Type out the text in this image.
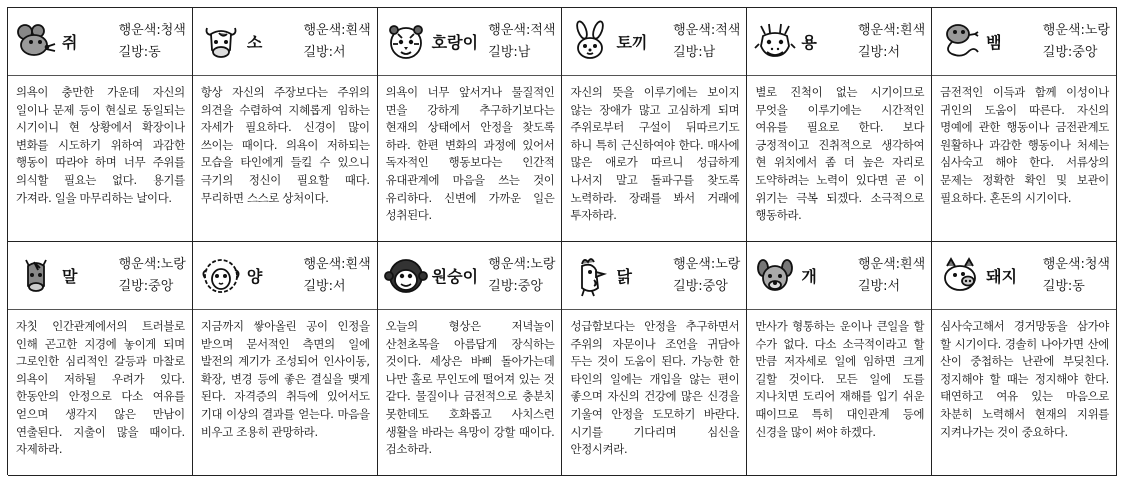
쥐
행운색:청색
길방:동
의욕이 충만한 가운데 자신의 일이나 문제 등이 현실로 동일되는 시기이니 현 상황에서 확장이나 변화를 시도하기 위하여 과감한 행동이 따라야 하며 너무 주위를 의식할 필요는 없다. 용기를 가져라. 일을 마무리하는 날이다.
소
행운색:흰색
길방:서
항상 자신의 주장보다는 주위의 의견을 수렴하여 지혜롭게 임하는 자세가 필요하다. 신경이 많이 쓰이는 때이다. 의욕이 저하되는 모습을 타인에게 들킬 수 있으니 극기의 정신이 필요할 때다. 무리하면 스스로 상처이다.
호랑이
행운색:적색
길방:남
의욕이 너무 앞서거나 물질적인 면을 강하게 추구하기보다는 현재의 상태에서 안정을 찾도록 하라. 한편 변화의 과정에 있어서 독자적인 행동보다는 인간적 유대관계에 마음을 쓰는 것이 유리하다. 신변에 가까운 일은 성취된다.
토끼
행운색:적색
길방:남
자신의 뜻을 이루기에는 보이지 않는 장애가 많고 고심하게 되며 주위로부터 구설이 뒤따르기도 하니 특히 근신하여야 한다. 매사에 많은 애로가 따르니 성급하게 나서지 말고 돌파구를 찾도록 노력하라. 장래를 봐서 거래에 투자하라.
용
행운색:흰색
길방:서
별로 진척이 없는 시기이므로 무엇을 이루기에는 시간적인 여유를 필요로 한다. 보다 긍정적이고 진취적으로 생각하여 현 위치에서 좀 더 높은 자리로 도약하려는 노력이 있다면 곧 이 위기는 극복 되겠다. 소극적으로 행동하라.
뱀
행운색:노랑
길방:중앙
금전적인 이득과 함께 이성이나 귀인의 도움이 따른다. 자신의 명예에 관한 행동이나 금전관계도 원활하나 과감한 행동이나 처세는 심사숙고 해야 한다. 서류상의 문제는 정확한 확인 및 보관이 필요하다. 혼돈의 시기이다.
말
행운색:노랑
길방:중앙
자칫 인간관계에서의 트러블로 인해 곤고한 지경에 놓이게 되며 그로인한 심리적인 갈등과 마찰로 의욕이 저하될 우려가 있다. 한동안의 안정으로 다소 여유를 얻으며 생각지 않은 만남이 연출된다. 지출이 많을 때이다. 자제하라.
양
행운색:흰색
길방:서
지금까지 쌓아올린 공이 인정을 받으며 문서적인 측면의 일에 발전의 계기가 조성되어 인사이동, 확장, 변경 등에 좋은 결실을 맺게 된다. 자격증의 취득에 있어서도 기대 이상의 결과를 얻는다. 마음을 비우고 조용히 관망하라.
원숭이
행운색:노랑
길방:중앙
오늘의 형상은 저녁놀이 산천초목을 아름답게 장식하는 것이다. 세상은 바삐 돌아가는데 나만 홀로 무인도에 떨어져 있는 것 같다. 물질이나 금전적으로 충분치 못한데도 호화롭고 사치스런 생활을 바라는 욕망이 강할 때이다. 검소하라.
닭
행운색:노랑
길방:중앙
성급함보다는 안정을 추구하면서 주위의 자문이나 조언을 귀담아 두는 것이 도움이 된다. 가능한 한 타인의 일에는 개입을 않는 편이 좋으며 자신의 건강에 많은 신경을 기울여 안정을 도모하기 바란다. 시기를 기다리며 심신을 안정시켜라.
개
행운색:흰색
길방:서
만사가 형통하는 운이나 큰일을 할 수가 없다. 다소 소극적이라고 할 만큼 저자세로 일에 임하면 크게 길할 것이다. 모든 일에 도를 지나치면 도리어 재해를 입기 쉬운 때이므로 특히 대인관계 등에 신경을 많이 써야 하겠다.
돼지
행운색:청색
길방:동
심사숙고해서 경거망동을 삼가야 할 시기이다. 경솔히 나아가면 산에 산이 중첩하는 난관에 부딪친다. 정지해야 할 때는 정지해야 한다. 태연하고 여유 있는 마음으로 차분히 노력해서 현재의 지위를 지켜나가는 것이 중요하다.
